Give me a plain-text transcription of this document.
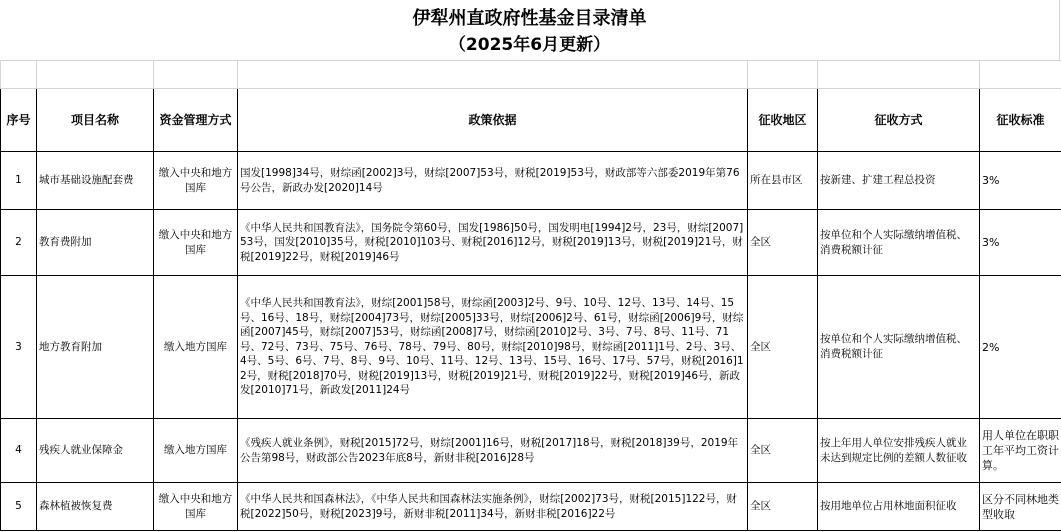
伊犁州直政府性基金目录清单
（2025年6月更新）

序号	项目名称	资金管理方式	政策依据	征收地区	征收方式	征收标准
1	城市基础设施配套费	缴入中央和地方国库	国发[1998]34号，财综函[2002]3号，财综[2007]53号，财税[2019]53号，财政部等六部委2019年第76号公告，新政办发[2020]14号	所在县市区	按新建、扩建工程总投资	3%
2	教育费附加	缴入中央和地方国库	《中华人民共和国教育法》，国务院令第60号，国发[1986]50号，国发明电[1994]2号，23号，财综[2007]53号，国发[2010]35号，财税[2010]103号、财税[2016]12号，财税[2019]13号，财税[2019]21号，财税[2019]22号，财税[2019]46号	全区	按单位和个人实际缴纳增值税、消费税额计征	3%
3	地方教育附加	缴入地方国库	《中华人民共和国教育法》，财综[2001]58号，财综函[2003]2号、9号、10号、12号、13号、14号、15号、16号、18号，财综[2004]73号，财综[2005]33号，财综[2006]2号、61号，财综函[2006]9号，财综函[2007]45号，财综[2007]53号，财综函[2008]7号，财综函[2010]2号、3号、7号、8号、11号、71号、72号、73号、75号、76号、78号、79号、80号，财综[2010]98号，财综函[2011]1号、2号、3号、4号、5号、6号、7号、8号、9号、10号、11号、12号、13号、15号、16号、17号、57号，财税[2016]12号，财税[2018]70号，财税[2019]13号，财税[2019]21号，财税[2019]22号，财税[2019]46号，新政发[2010]71号，新政发[2011]24号	全区	按单位和个人实际缴纳增值税、消费税额计征	2%
4	残疾人就业保障金	缴入地方国库	《残疾人就业条例》，财税[2015]72号，财综[2001]16号，财税[2017]18号，财税[2018]39号，2019年公告第98号，财政部公告2023年底8号，新财非税[2016]28号	全区	按上年用人单位安排残疾人就业未达到规定比例的差额人数征收	用人单位在职职工年平均工资计算。
5	森林植被恢复费	缴入中央和地方国库	《中华人民共和国森林法》，《中华人民共和国森林法实施条例》，财综[2002]73号，财税[2015]122号，财税[2022]50号，财税[2023]9号，新财非税[2011]34号，新财非税[2016]22号	全区	按用地单位占用林地面积征收	区分不同林地类型收取
